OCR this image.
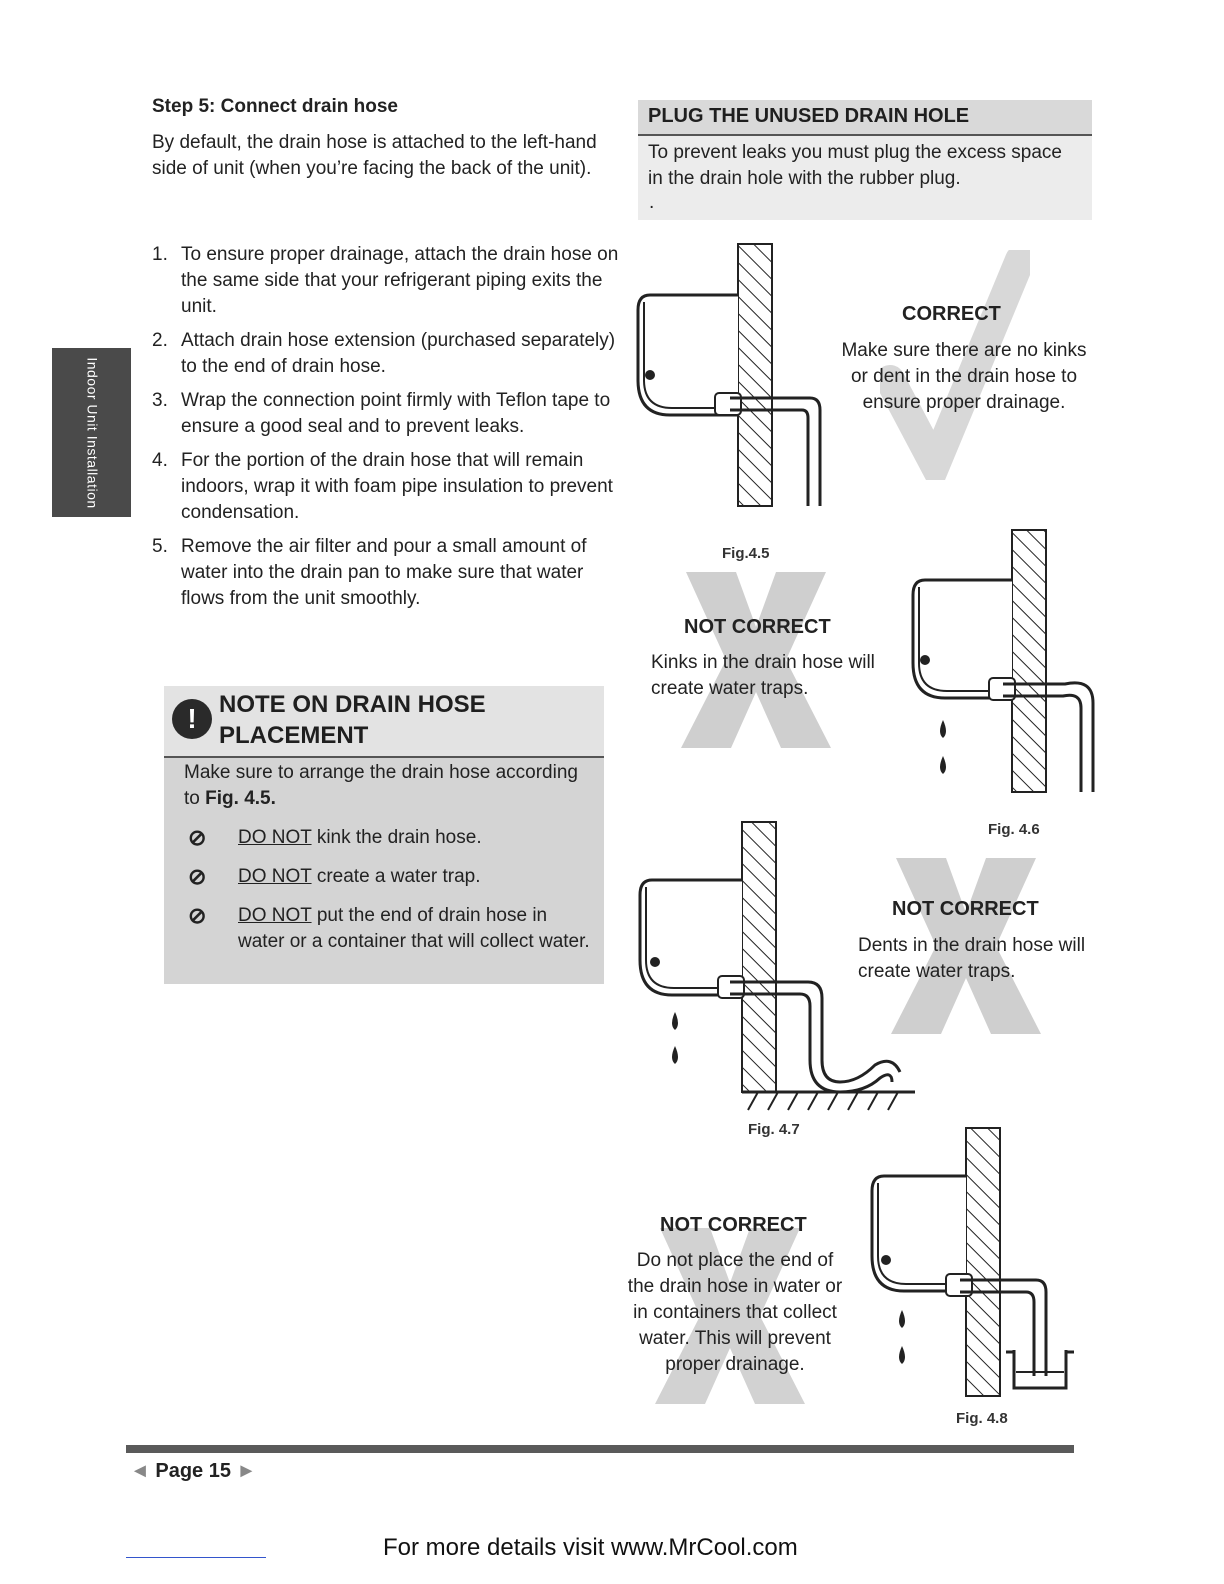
Indoor Unit Installation
Step 5: Connect drain hose
By default, the drain hose is attached to the left-hand side of unit (when you’re facing the back of the unit).
1. To ensure proper drainage, attach the drain hose on the same side that your refrigerant piping exits the unit.
2. Attach drain hose extension (purchased separately) to the end of drain hose.
3. Wrap the connection point firmly with Teflon tape to ensure a good seal and to prevent leaks.
4. For the portion of the drain hose that will remain indoors, wrap it with foam pipe insulation to prevent condensation.
5. Remove the air filter and pour a small amount of water into the drain pan to make sure that water flows from the unit smoothly.
! NOTE ON DRAIN HOSE
PLACEMENT
Make sure to arrange the drain hose according to Fig. 4.5.
⊘ DO NOT kink the drain hose.
⊘ DO NOT create a water trap.
⊘ DO NOT put the end of drain hose in water or a container that will collect water.
PLUG THE UNUSED DRAIN HOLE
To prevent leaks you must plug the excess space in the drain hole with the rubber plug.
.
CORRECT
Make sure there are no kinks or dent in the drain hose to ensure proper drainage.
Fig.4.5
NOT CORRECT
Kinks in the drain hose will create water traps.
Fig. 4.6
NOT CORRECT
Dents in the drain hose will create water traps.
Fig. 4.7
NOT CORRECT
Do not place the end of the drain hose in water or in containers that collect water. This will prevent proper drainage.
Fig. 4.8
◄ Page 15 ►
For more details visit www.MrCool.com
